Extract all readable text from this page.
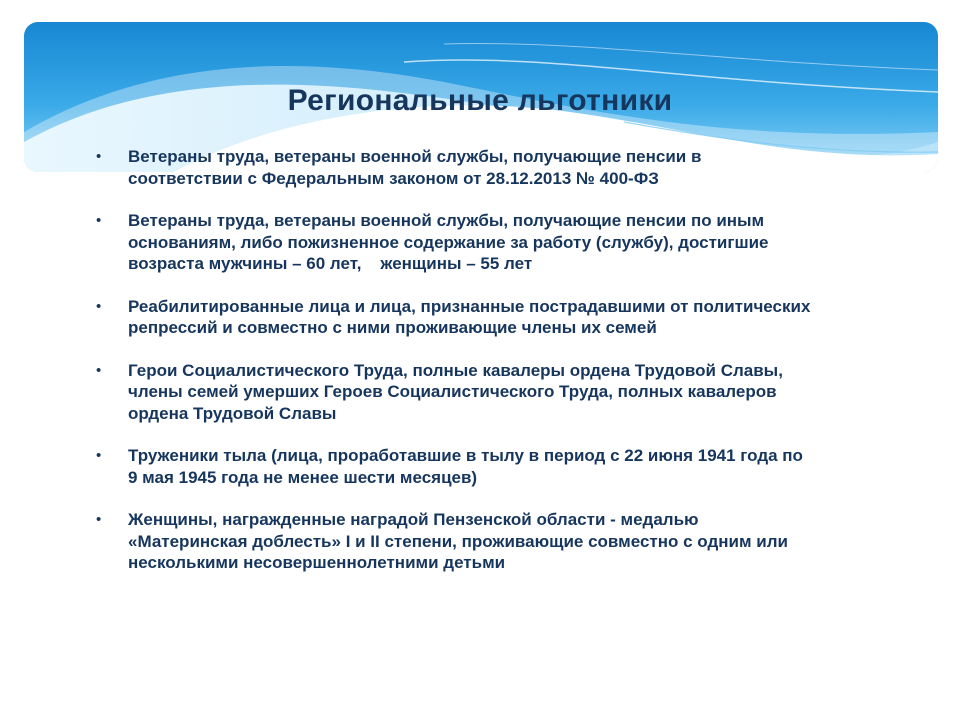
Региональные льготники
• Ветераны труда, ветераны военной службы, получающие пенсии в соответствии с Федеральным законом от 28.12.2013 № 400-ФЗ
• Ветераны труда, ветераны военной службы, получающие пенсии по иным основаниям, либо пожизненное содержание за работу (службу), достигшие возраста мужчины – 60 лет,    женщины – 55 лет
• Реабилитированные лица и лица, признанные пострадавшими от политических репрессий и совместно с ними проживающие члены их семей
• Герои Социалистического Труда, полные кавалеры ордена Трудовой Славы, члены семей умерших Героев Социалистического Труда, полных кавалеров ордена Трудовой Славы
• Труженики тыла (лица, проработавшие в тылу в период с 22 июня 1941 года по 9 мая 1945 года не менее шести месяцев)
• Женщины, награжденные наградой Пензенской области - медалью «Материнская доблесть» I и II степени, проживающие совместно с одним или несколькими несовершеннолетними детьми
